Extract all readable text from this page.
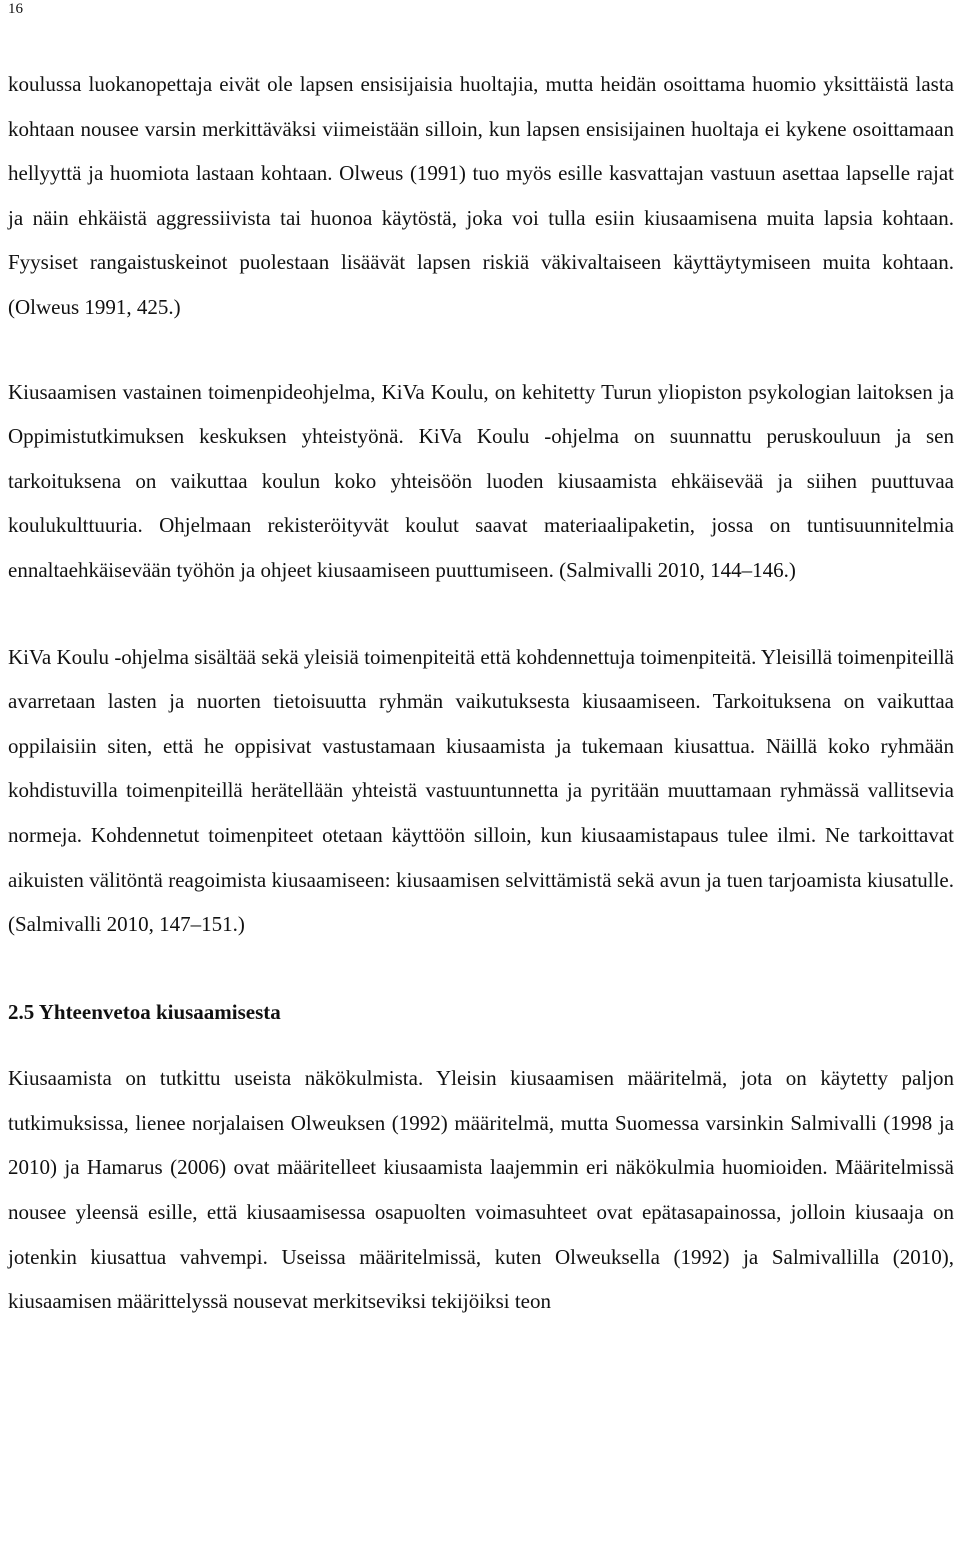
16

koulussa luokanopettaja eivät ole lapsen ensisijaisia huoltajia, mutta heidän osoittama huomio yksittäistä lasta kohtaan nousee varsin merkittäväksi viimeistään silloin, kun lapsen ensisijainen huoltaja ei kykene osoittamaan hellyyttä ja huomiota lastaan kohtaan. Olweus (1991) tuo myös esille kasvattajan vastuun asettaa lapselle rajat ja näin ehkäistä aggressiivista tai huonoa käytöstä, joka voi tulla esiin kiusaamisena muita lapsia kohtaan. Fyysiset rangaistuskeinot puolestaan lisäävät lapsen riskiä väkivaltaiseen käyttäytymiseen muita kohtaan. (Olweus 1991, 425.)

Kiusaamisen vastainen toimenpideohjelma, KiVa Koulu, on kehitetty Turun yliopiston psykologian laitoksen ja Oppimistutkimuksen keskuksen yhteistyönä. KiVa Koulu -ohjelma on suunnattu peruskouluun ja sen tarkoituksena on vaikuttaa koulun koko yhteisöön luoden kiusaamista ehkäisevää ja siihen puuttuvaa koulukulttuuria. Ohjelmaan rekisteröityvät koulut saavat materiaalipaketin, jossa on tuntisuunnitelmia ennaltaehkäisevään työhön ja ohjeet kiusaamiseen puuttumiseen. (Salmivalli 2010, 144–146.)

KiVa Koulu -ohjelma sisältää sekä yleisiä toimenpiteitä että kohdennettuja toimenpiteitä. Yleisillä toimenpiteillä avarretaan lasten ja nuorten tietoisuutta ryhmän vaikutuksesta kiusaamiseen. Tarkoituksena on vaikuttaa oppilaisiin siten, että he oppisivat vastustamaan kiusaamista ja tukemaan kiusattua. Näillä koko ryhmään kohdistuvilla toimenpiteillä herätellään yhteistä vastuuntunnetta ja pyritään muuttamaan ryhmässä vallitsevia normeja. Kohdennetut toimenpiteet otetaan käyttöön silloin, kun kiusaamistapaus tulee ilmi. Ne tarkoittavat aikuisten välitöntä reagoimista kiusaamiseen: kiusaamisen selvittämistä sekä avun ja tuen tarjoamista kiusatulle. (Salmivalli 2010, 147–151.)

2.5 Yhteenvetoa kiusaamisesta

Kiusaamista on tutkittu useista näkökulmista. Yleisin kiusaamisen määritelmä, jota on käytetty paljon tutkimuksissa, lienee norjalaisen Olweuksen (1992) määritelmä, mutta Suomessa varsinkin Salmivalli (1998 ja 2010) ja Hamarus (2006) ovat määritelleet kiusaamista laajemmin eri näkökulmia huomioiden. Määritelmissä nousee yleensä esille, että kiusaamisessa osapuolten voimasuhteet ovat epätasapainossa, jolloin kiusaaja on jotenkin kiusattua vahvempi. Useissa määritelmissä, kuten Olweuksella (1992) ja Salmivallilla (2010), kiusaamisen määrittelyssä nousevat merkitseviksi tekijöiksi teon
